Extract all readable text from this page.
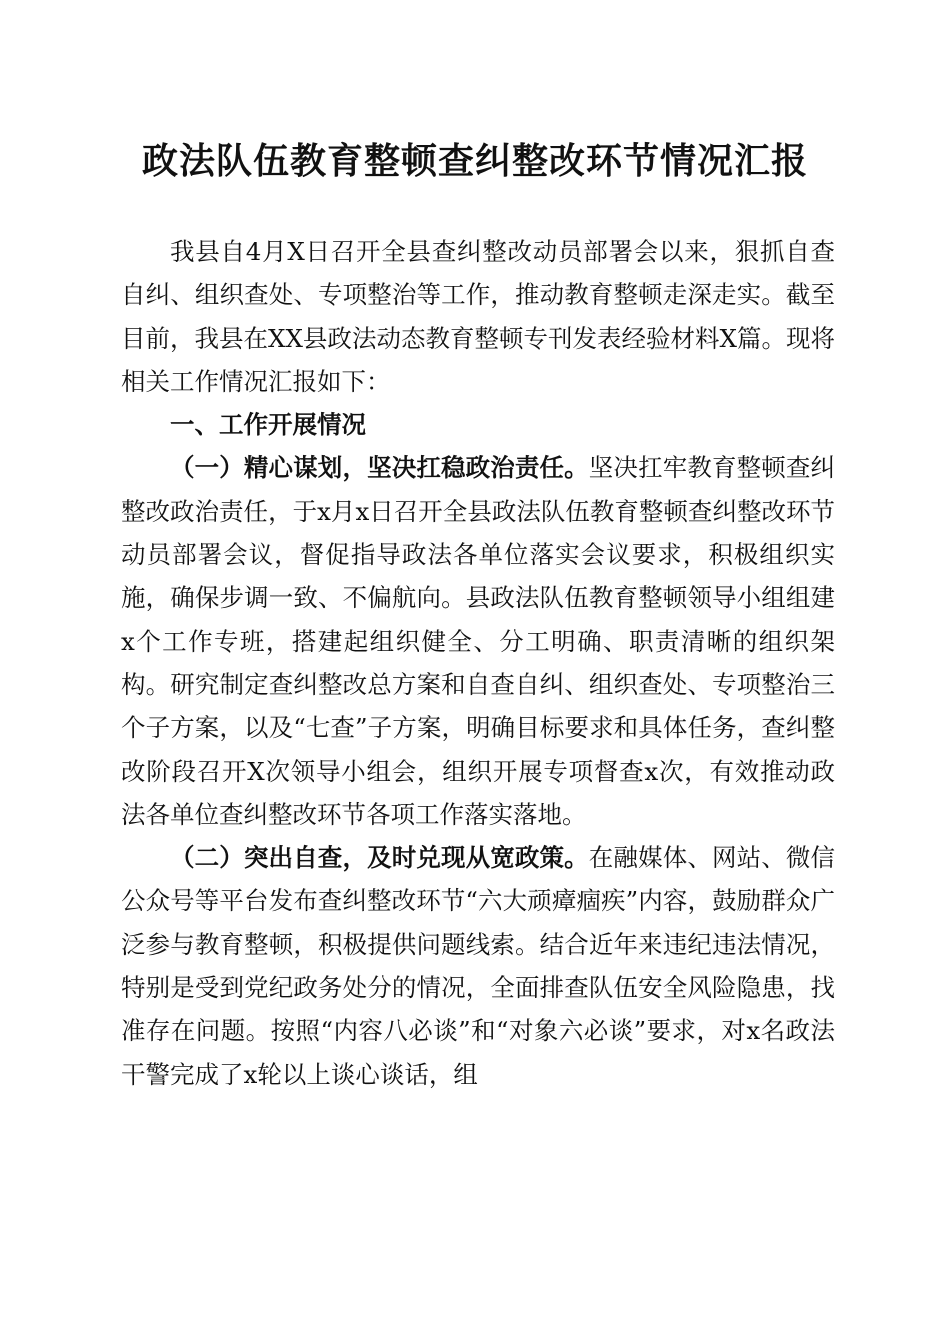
政法队伍教育整顿查纠整改环节情况汇报

我县自4月X日召开全县查纠整改动员部署会以来，狠抓自查自纠、组织查处、专项整治等工作，推动教育整顿走深走实。截至目前，我县在XX县政法动态教育整顿专刊发表经验材料X篇。现将相关工作情况汇报如下：

一、工作开展情况

（一）精心谋划，坚决扛稳政治责任。坚决扛牢教育整顿查纠整改政治责任，于x月x日召开全县政法队伍教育整顿查纠整改环节动员部署会议，督促指导政法各单位落实会议要求，积极组织实施，确保步调一致、不偏航向。县政法队伍教育整顿领导小组组建x个工作专班，搭建起组织健全、分工明确、职责清晰的组织架构。研究制定查纠整改总方案和自查自纠、组织查处、专项整治三个子方案，以及“七查”子方案，明确目标要求和具体任务，查纠整改阶段召开X次领导小组会，组织开展专项督查x次，有效推动政法各单位查纠整改环节各项工作落实落地。

（二）突出自查，及时兑现从宽政策。在融媒体、网站、微信公众号等平台发布查纠整改环节“六大顽瘴痼疾”内容，鼓励群众广泛参与教育整顿，积极提供问题线索。结合近年来违纪违法情况，特别是受到党纪政务处分的情况，全面排查队伍安全风险隐患，找准存在问题。按照“内容八必谈”和“对象六必谈”要求，对x名政法干警完成了x轮以上谈心谈话，组
